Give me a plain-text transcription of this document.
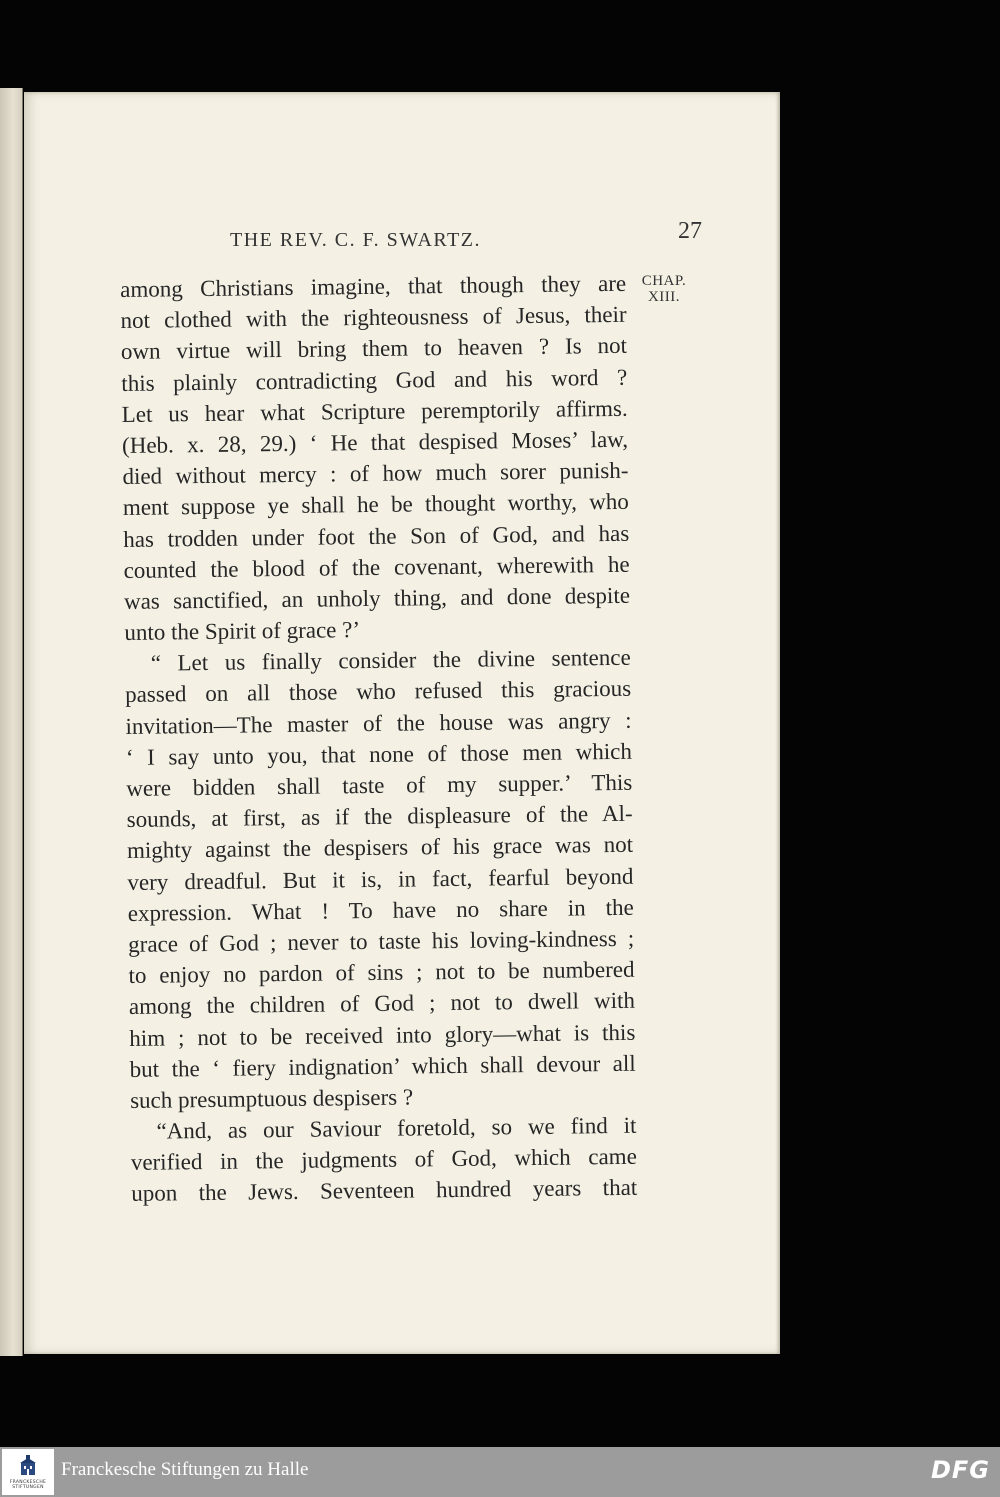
THE REV. C. F. SWARTZ.	27
CHAP.
XIII.
among Christians imagine, that though they are
not clothed with the righteousness of Jesus, their
own virtue will bring them to heaven ? Is not
this plainly contradicting God and his word ?
Let us hear what Scripture peremptorily affirms.
(Heb. x. 28, 29.) ‘ He that despised Moses’ law,
died without mercy : of how much sorer punish-
ment suppose ye shall he be thought worthy, who
has trodden under foot the Son of God, and has
counted the blood of the covenant, wherewith he
was sanctified, an unholy thing, and done despite
unto the Spirit of grace ?’
“ Let us finally consider the divine sentence
passed on all those who refused this gracious
invitation—The master of the house was angry :
‘ I say unto you, that none of those men which
were bidden shall taste of my supper.’ This
sounds, at first, as if the displeasure of the Al-
mighty against the despisers of his grace was not
very dreadful. But it is, in fact, fearful beyond
expression. What ! To have no share in the
grace of God ; never to taste his loving-kindness ;
to enjoy no pardon of sins ; not to be numbered
among the children of God ; not to dwell with
him ; not to be received into glory—what is this
but the ‘ fiery indignation’ which shall devour all
such presumptuous despisers ?
“And, as our Saviour foretold, so we find it
verified in the judgments of God, which came
upon the Jews. Seventeen hundred years that
FRANCKESCHE
STIFTUNGEN
Franckesche Stiftungen zu Halle	DFG
